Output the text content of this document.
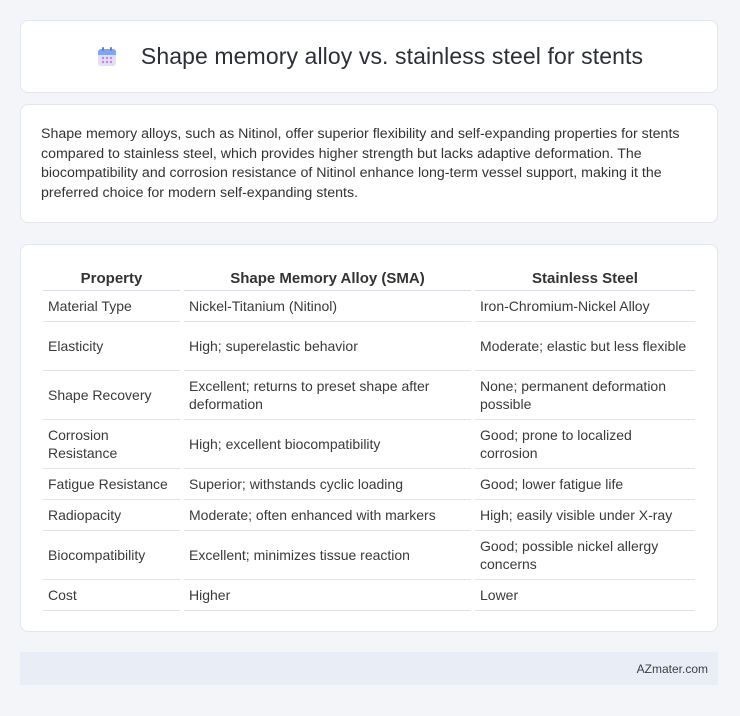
Shape memory alloy vs. stainless steel for stents

Shape memory alloys, such as Nitinol, offer superior flexibility and self-expanding properties for stents compared to stainless steel, which provides higher strength but lacks adaptive deformation. The biocompatibility and corrosion resistance of Nitinol enhance long-term vessel support, making it the preferred choice for modern self-expanding stents.

Property	Shape Memory Alloy (SMA)	Stainless Steel
Material Type	Nickel-Titanium (Nitinol)	Iron-Chromium-Nickel Alloy
Elasticity	High; superelastic behavior	Moderate; elastic but less flexible
Shape Recovery	Excellent; returns to preset shape after deformation	None; permanent deformation possible
Corrosion Resistance	High; excellent biocompatibility	Good; prone to localized corrosion
Fatigue Resistance	Superior; withstands cyclic loading	Good; lower fatigue life
Radiopacity	Moderate; often enhanced with markers	High; easily visible under X-ray
Biocompatibility	Excellent; minimizes tissue reaction	Good; possible nickel allergy concerns
Cost	Higher	Lower
AZmater.com
